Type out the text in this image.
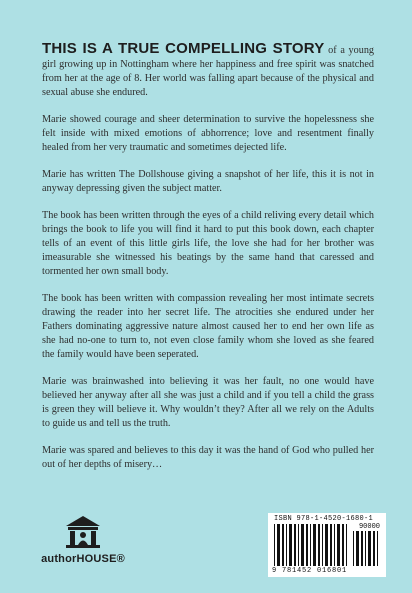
THIS IS A TRUE COMPELLING STORY of a young girl growing up in Nottingham where her happiness and free spirit was snatched from her at the age of 8. Her world was falling apart because of the physical and sexual abuse she endured.

Marie showed courage and sheer determination to survive the hopelessness she felt inside with mixed emotions of abhorrence; love and resentment finally healed from her very traumatic and sometimes dejected life.

Marie has written The Dollshouse giving a snapshot of her life, this it is not in anyway depressing given the subject matter.

The book has been written through the eyes of a child reliving every detail which brings the book to life you will find it hard to put this book down, each chapter tells of an event of this little girls life, the love she had for her brother was imeasurable she witnessed his beatings by the same hand that caressed and tormented her own small body.

The book has been written with compassion revealing her most intimate secrets drawing the reader into her secret life. The atrocities she endured under her Fathers dominating aggressive nature almost caused her to end her own life as she had no-one to turn to, not even close family whom she loved as she feared the family would have been seperated.

Marie was brainwashed into believing it was her fault, no one would have believed her anyway after all she was just a child and if you tell a child the grass is green they will believe it. Why wouldn’t they? After all we rely on the Adults to guide us and tell us the truth.

Marie was spared and believes to this day it was the hand of God who pulled her out of her depths of misery…

authorHOUSE®
ISBN 978-1-4520-1680-1
90000
9 781452 016801
